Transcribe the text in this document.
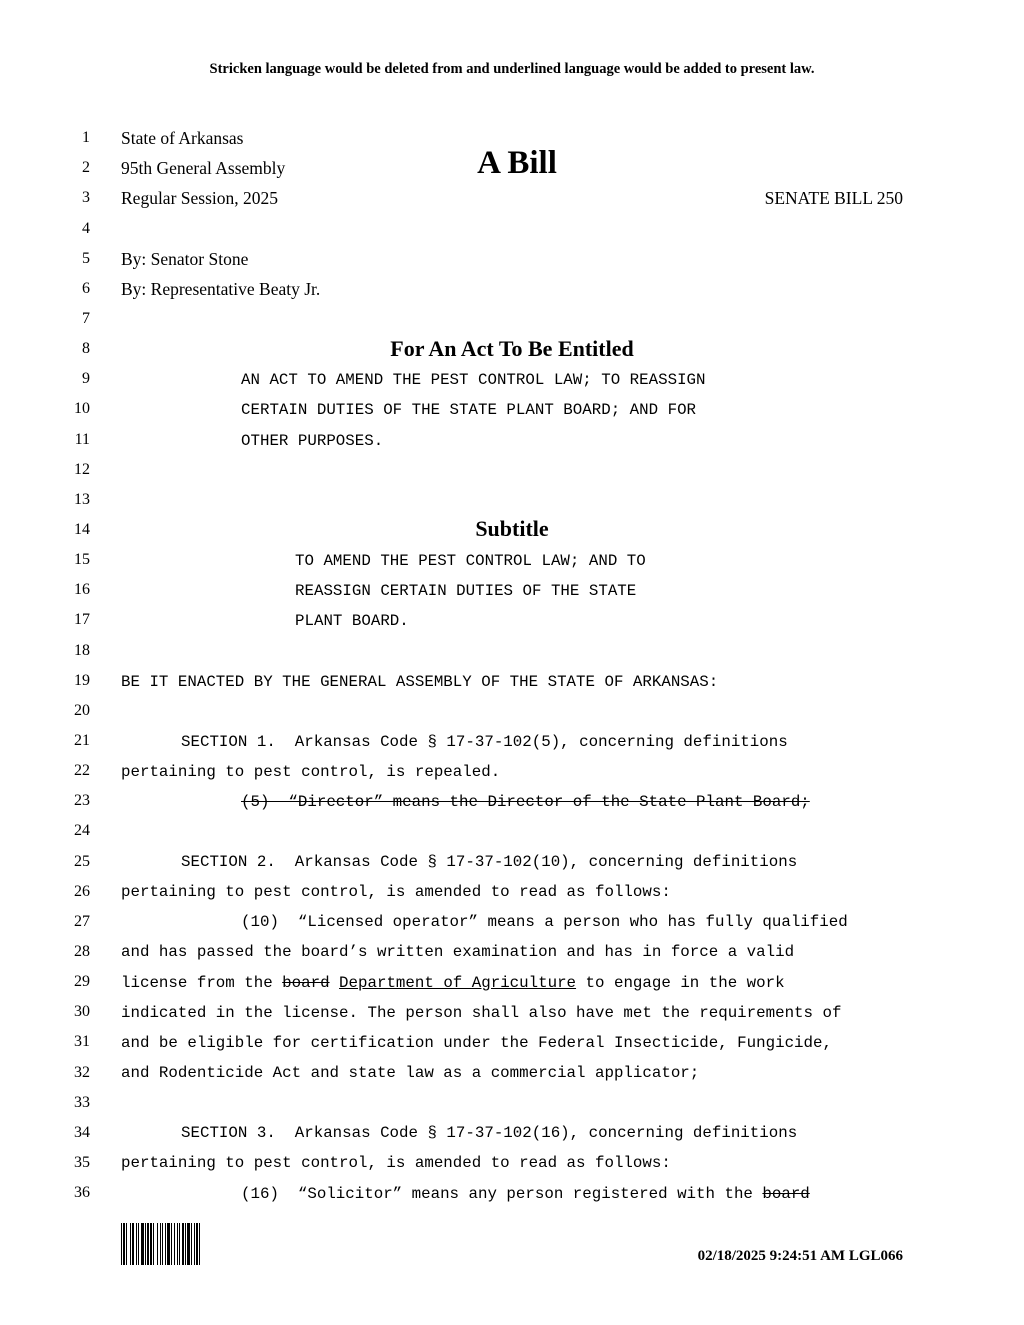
Stricken language would be deleted from and underlined language would be added to present law.
1
2
3
4
5
6
7
8
9
10
11
12
13
14
15
16
17
18
19
20
21
22
23
24
25
26
27
28
29
30
31
32
33
34
35
36
State of Arkansas
95th General Assembly	A Bill
Regular Session, 2025	SENATE BILL 250
By: Senator Stone
By: Representative Beaty Jr.
For An Act To Be Entitled
AN ACT TO AMEND THE PEST CONTROL LAW; TO REASSIGN
CERTAIN DUTIES OF THE STATE PLANT BOARD; AND FOR
OTHER PURPOSES.
Subtitle
TO AMEND THE PEST CONTROL LAW; AND TO
REASSIGN CERTAIN DUTIES OF THE STATE
PLANT BOARD.
BE IT ENACTED BY THE GENERAL ASSEMBLY OF THE STATE OF ARKANSAS:
SECTION 1.  Arkansas Code § 17-37-102(5), concerning definitions
pertaining to pest control, is repealed.
(5)  “Director” means the Director of the State Plant Board;
SECTION 2.  Arkansas Code § 17-37-102(10), concerning definitions
pertaining to pest control, is amended to read as follows:
(10)  “Licensed operator” means a person who has fully qualified
and has passed the board’s written examination and has in force a valid
license from the board Department of Agriculture to engage in the work
indicated in the license. The person shall also have met the requirements of
and be eligible for certification under the Federal Insecticide, Fungicide,
and Rodenticide Act and state law as a commercial applicator;
SECTION 3.  Arkansas Code § 17-37-102(16), concerning definitions
pertaining to pest control, is amended to read as follows:
(16)  “Solicitor” means any person registered with the board
02/18/2025 9:24:51 AM LGL066
